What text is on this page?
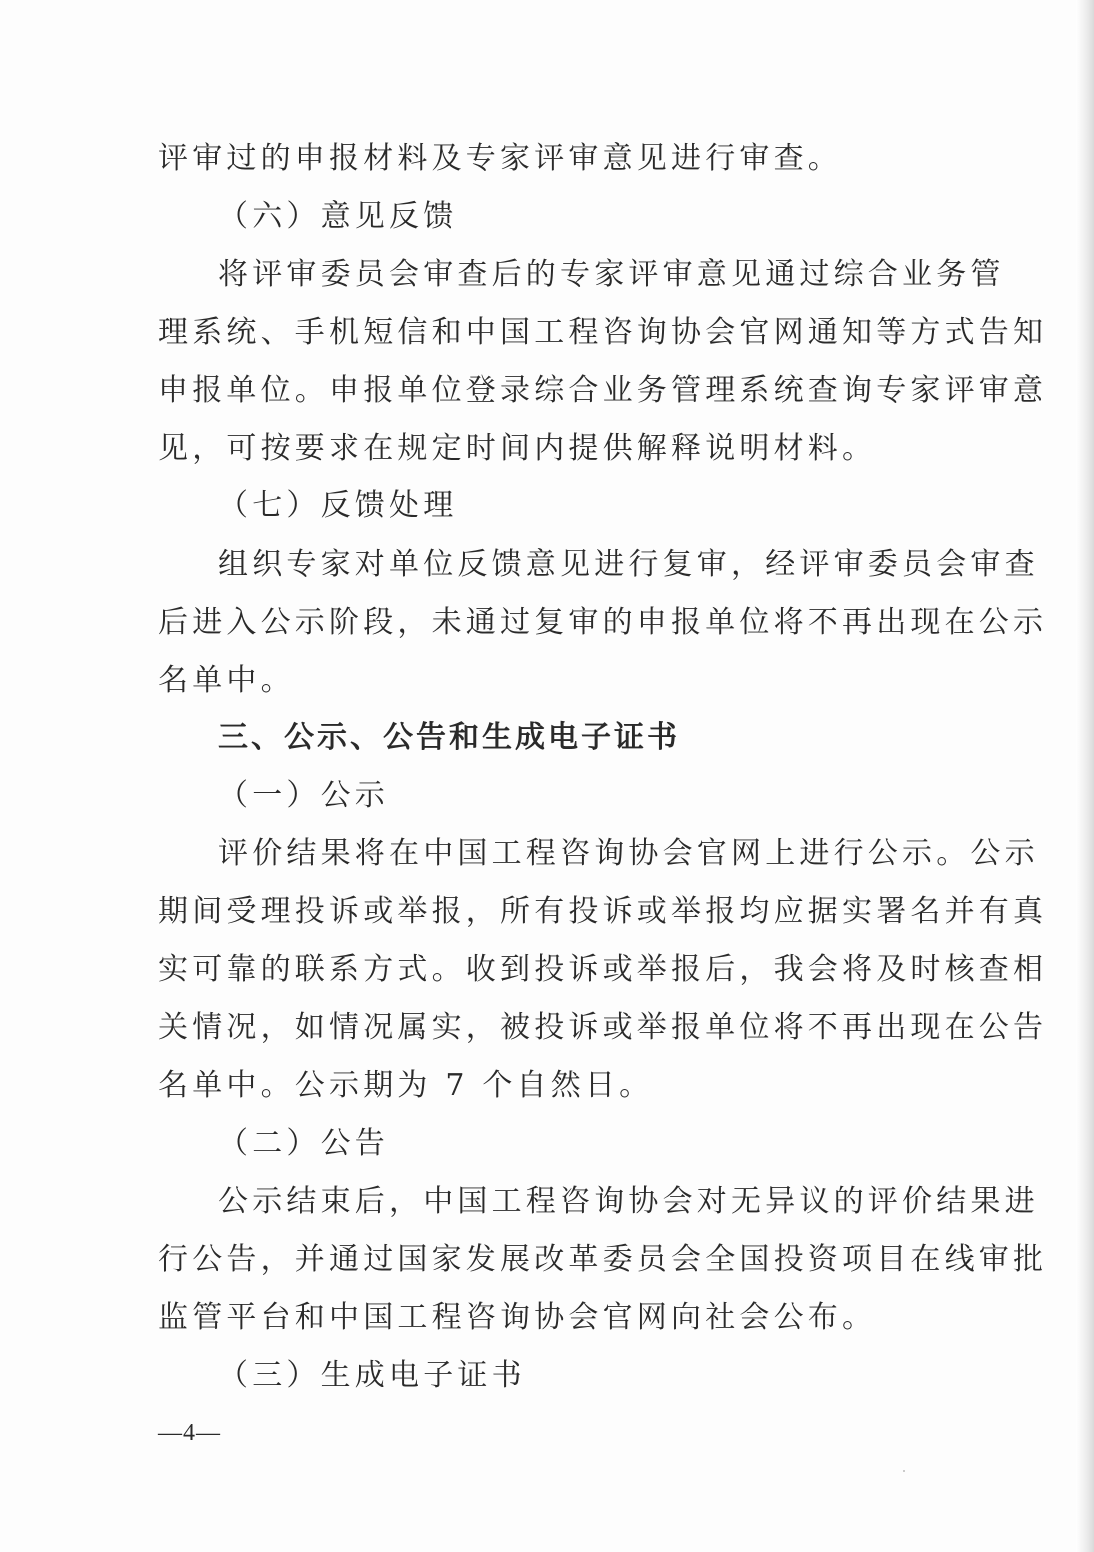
评审过的申报材料及专家评审意见进行审查。
（六）意见反馈
将评审委员会审查后的专家评审意见通过综合业务管
理系统、手机短信和中国工程咨询协会官网通知等方式告知
申报单位。申报单位登录综合业务管理系统查询专家评审意
见，可按要求在规定时间内提供解释说明材料。
（七）反馈处理
组织专家对单位反馈意见进行复审，经评审委员会审查
后进入公示阶段，未通过复审的申报单位将不再出现在公示
名单中。
三、公示、公告和生成电子证书
（一）公示
评价结果将在中国工程咨询协会官网上进行公示。公示
期间受理投诉或举报，所有投诉或举报均应据实署名并有真
实可靠的联系方式。收到投诉或举报后，我会将及时核查相
关情况，如情况属实，被投诉或举报单位将不再出现在公告
名单中。公示期为 7 个自然日。
（二）公告
公示结束后，中国工程咨询协会对无异议的评价结果进
行公告，并通过国家发展改革委员会全国投资项目在线审批
监管平台和中国工程咨询协会官网向社会公布。
（三）生成电子证书
—4—
